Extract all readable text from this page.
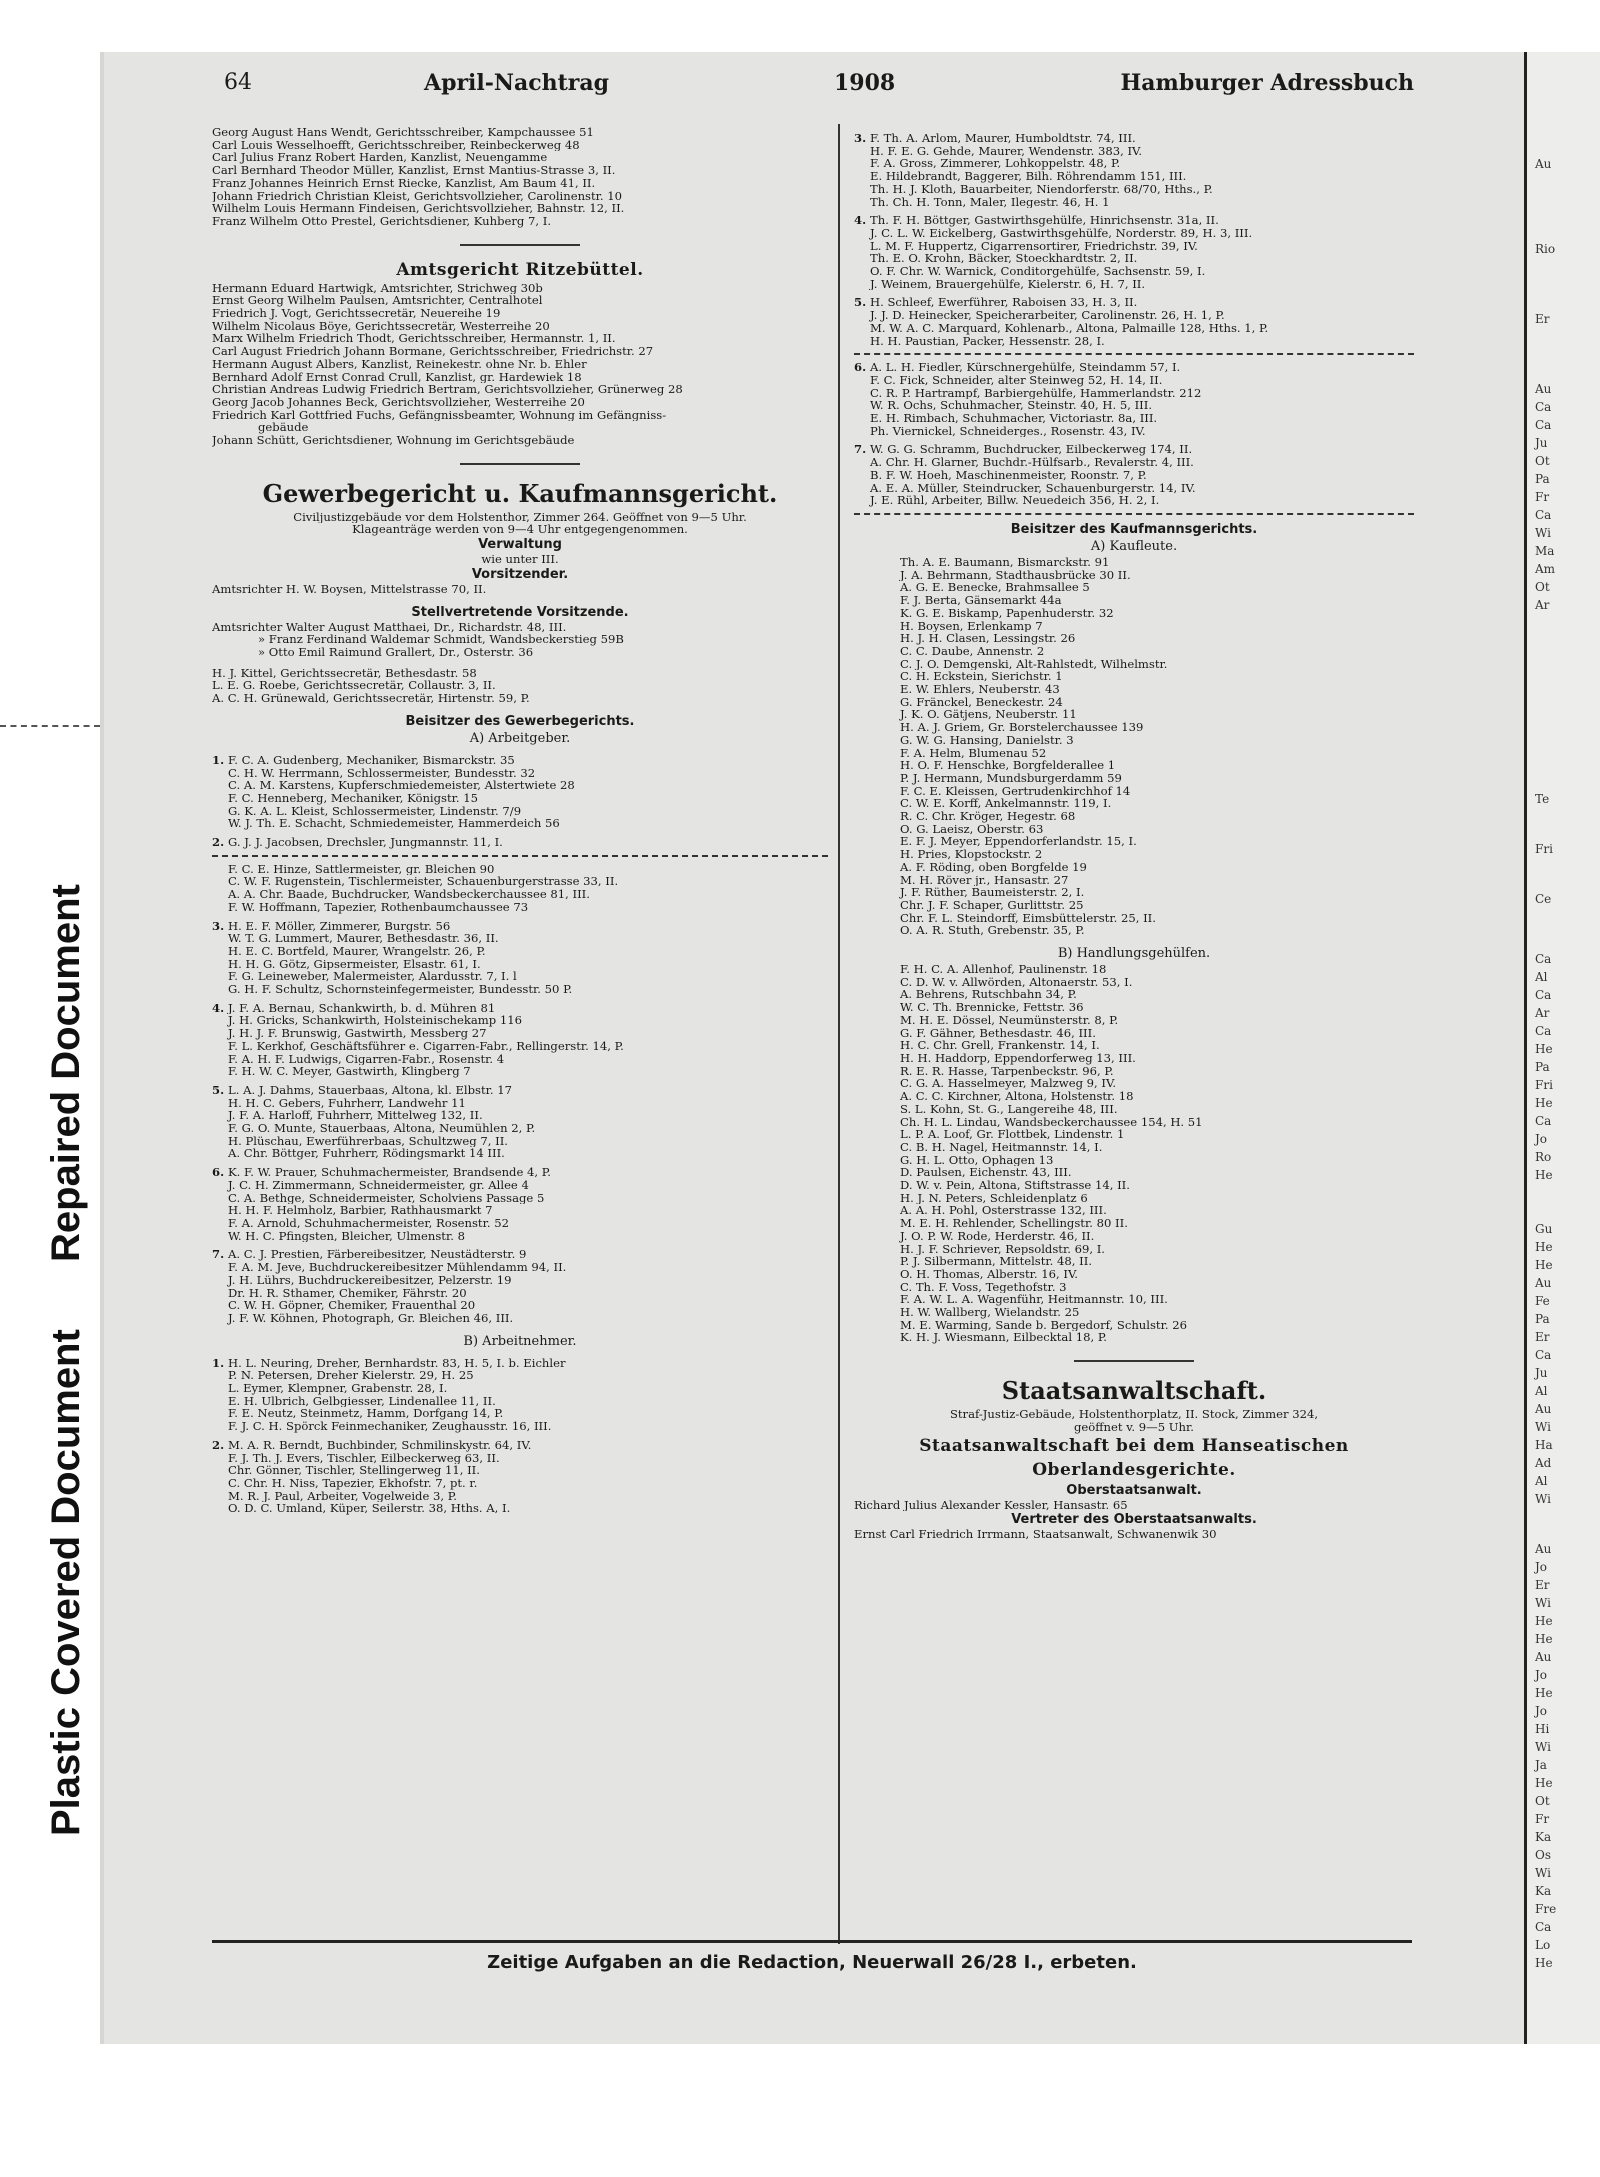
Repaired Document
Plastic Covered Document
64	April-Nachtrag	1908	Hamburger Adressbuch
Georg August Hans Wendt, Gerichtsschreiber, Kampchaussee 51
Carl Louis Wesselhoefft, Gerichtsschreiber, Reinbeckerweg 48
Carl Julius Franz Robert Harden, Kanzlist, Neuengamme
Carl Bernhard Theodor Müller, Kanzlist, Ernst Mantius-Strasse 3, II.
Franz Johannes Heinrich Ernst Riecke, Kanzlist, Am Baum 41, II.
Johann Friedrich Christian Kleist, Gerichtsvollzieher, Carolinenstr. 10
Wilhelm Louis Hermann Findeisen, Gerichtsvollzieher, Bahnstr. 12, II.
Franz Wilhelm Otto Prestel, Gerichtsdiener, Kuhberg 7, I.
Amtsgericht Ritzebüttel.
Hermann Eduard Hartwigk, Amtsrichter, Strichweg 30b
Ernst Georg Wilhelm Paulsen, Amtsrichter, Centralhotel
Friedrich J. Vogt, Gerichtssecretär, Neuereihe 19
Wilhelm Nicolaus Böye, Gerichtssecretär, Westerreihe 20
Marx Wilhelm Friedrich Thodt, Gerichtsschreiber, Hermannstr. 1, II.
Carl August Friedrich Johann Bormane, Gerichtsschreiber, Friedrichstr. 27
Hermann August Albers, Kanzlist, Reinekestr. ohne Nr. b. Ehler
Bernhard Adolf Ernst Conrad Crull, Kanzlist, gr. Hardewiek 18
Christian Andreas Ludwig Friedrich Bertram, Gerichtsvollzieher, Grünerweg 28
Georg Jacob Johannes Beck, Gerichtsvollzieher, Westerreihe 20
Friedrich Karl Gottfried Fuchs, Gefängnissbeamter, Wohnung im Gefängniss-
gebäude
Johann Schütt, Gerichtsdiener, Wohnung im Gerichtsgebäude
Gewerbegericht u. Kaufmannsgericht.
Civiljustizgebäude vor dem Holstenthor, Zimmer 264. Geöffnet von 9—5 Uhr.
Klageanträge werden von 9—4 Uhr entgegengenommen.
Verwaltung
wie unter III.
Vorsitzender.
Amtsrichter H. W. Boysen, Mittelstrasse 70, II.
Stellvertretende Vorsitzende.
Amtsrichter Walter August Matthaei, Dr., Richardstr. 48, III.
» Franz Ferdinand Waldemar Schmidt, Wandsbeckerstieg 59B
» Otto Emil Raimund Grallert, Dr., Osterstr. 36
H. J. Kittel, Gerichtssecretär, Bethesdastr. 58
L. E. G. Roebe, Gerichtssecretär, Collaustr. 3, II.
A. C. H. Grünewald, Gerichtssecretär, Hirtenstr. 59, P.
Beisitzer des Gewerbegerichts.
A) Arbeitgeber.
1. F. C. A. Gudenberg, Mechaniker, Bismarckstr. 35
C. H. W. Herrmann, Schlossermeister, Bundesstr. 32
C. A. M. Karstens, Kupferschmiedemeister, Alstertwiete 28
F. C. Henneberg, Mechaniker, Königstr. 15
G. K. A. L. Kleist, Schlossermeister, Lindenstr. 7/9
W. J. Th. E. Schacht, Schmiedemeister, Hammerdeich 56
2. G. J. J. Jacobsen, Drechsler, Jungmannstr. 11, I.
F. C. E. Hinze, Sattlermeister, gr. Bleichen 90
C. W. F. Rugenstein, Tischlermeister, Schauenburgerstrasse 33, II.
A. A. Chr. Baade, Buchdrucker, Wandsbeckerchaussee 81, III.
F. W. Hoffmann, Tapezier, Rothenbaumchaussee 73
3. H. E. F. Möller, Zimmerer, Burgstr. 56
W. T. G. Lummert, Maurer, Bethesdastr. 36, II.
H. E. C. Bortfeld, Maurer, Wrangelstr. 26, P.
H. H. G. Götz, Gipsermeister, Elsastr. 61, I.
F. G. Leineweber, Malermeister, Alardusstr. 7, I. l
G. H. F. Schultz, Schornsteinfegermeister, Bundesstr. 50 P.
4. J. F. A. Bernau, Schankwirth, b. d. Mühren 81
J. H. Gricks, Schankwirth, Holsteinischekamp 116
J. H. J. F. Brunswig, Gastwirth, Messberg 27
F. L. Kerkhof, Geschäftsführer e. Cigarren-Fabr., Rellingerstr. 14, P.
F. A. H. F. Ludwigs, Cigarren-Fabr., Rosenstr. 4
F. H. W. C. Meyer, Gastwirth, Klingberg 7
5. L. A. J. Dahms, Stauerbaas, Altona, kl. Elbstr. 17
H. H. C. Gebers, Fuhrherr, Landwehr 11
J. F. A. Harloff, Fuhrherr, Mittelweg 132, II.
F. G. O. Munte, Stauerbaas, Altona, Neumühlen 2, P.
H. Plüschau, Ewerführerbaas, Schultzweg 7, II.
A. Chr. Böttger, Fuhrherr, Rödingsmarkt 14 III.
6. K. F. W. Prauer, Schuhmachermeister, Brandsende 4, P.
J. C. H. Zimmermann, Schneidermeister, gr. Allee 4
C. A. Bethge, Schneidermeister, Scholviens Passage 5
H. H. F. Helmholz, Barbier, Rathhausmarkt 7
F. A. Arnold, Schuhmachermeister, Rosenstr. 52
W. H. C. Pfingsten, Bleicher, Ulmenstr. 8
7. A. C. J. Prestien, Färbereibesitzer, Neustädterstr. 9
F. A. M. Jeve, Buchdruckereibesitzer Mühlendamm 94, II.
J. H. Lührs, Buchdruckereibesitzer, Pelzerstr. 19
Dr. H. R. Sthamer, Chemiker, Fährstr. 20
C. W. H. Göpner, Chemiker, Frauenthal 20
J. F. W. Köhnen, Photograph, Gr. Bleichen 46, III.
B) Arbeitnehmer.
1. H. L. Neuring, Dreher, Bernhardstr. 83, H. 5, I. b. Eichler
P. N. Petersen, Dreher Kielerstr. 29, H. 25
L. Eymer, Klempner, Grabenstr. 28, I.
E. H. Ulbrich, Gelbgiesser, Lindenallee 11, II.
F. E. Neutz, Steinmetz, Hamm, Dorfgang 14, P.
F. J. C. H. Spörck Feinmechaniker, Zeughausstr. 16, III.
2. M. A. R. Berndt, Buchbinder, Schmilinskystr. 64, IV.
F. J. Th. J. Evers, Tischler, Eilbeckerweg 63, II.
Chr. Gönner, Tischler, Stellingerweg 11, II.
C. Chr. H. Niss, Tapezier, Ekhofstr. 7, pt. r.
M. R. J. Paul, Arbeiter, Vogelweide 3, P.
O. D. C. Umland, Küper, Seilerstr. 38, Hths. A, I.
3. F. Th. A. Arlom, Maurer, Humboldtstr. 74, III.
H. F. E. G. Gehde, Maurer, Wendenstr. 383, IV.
F. A. Gross, Zimmerer, Lohkoppelstr. 48, P.
E. Hildebrandt, Baggerer, Bilh. Röhrendamm 151, III.
Th. H. J. Kloth, Bauarbeiter, Niendorferstr. 68/70, Hths., P.
Th. Ch. H. Tonn, Maler, Ilegestr. 46, H. 1
4. Th. F. H. Böttger, Gastwirthsgehülfe, Hinrichsenstr. 31a, II.
J. C. L. W. Eickelberg, Gastwirthsgehülfe, Norderstr. 89, H. 3, III.
L. M. F. Huppertz, Cigarrensortirer, Friedrichstr. 39, IV.
Th. E. O. Krohn, Bäcker, Stoeckhardtstr. 2, II.
O. F. Chr. W. Warnick, Conditorgehülfe, Sachsenstr. 59, I.
J. Weinem, Brauergehülfe, Kielerstr. 6, H. 7, II.
5. H. Schleef, Ewerführer, Raboisen 33, H. 3, II.
J. J. D. Heinecker, Speicherarbeiter, Carolinenstr. 26, H. 1, P.
M. W. A. C. Marquard, Kohlenarb., Altona, Palmaille 128, Hths. 1, P.
H. H. Paustian, Packer, Hessenstr. 28, I.
6. A. L. H. Fiedler, Kürschnergehülfe, Steindamm 57, I.
F. C. Fick, Schneider, alter Steinweg 52, H. 14, II.
C. R. P. Hartrampf, Barbiergehülfe, Hammerlandstr. 212
W. R. Ochs, Schuhmacher, Steinstr. 40, H. 5, III.
E. H. Rimbach, Schuhmacher, Victoriastr. 8a, III.
Ph. Viernickel, Schneiderges., Rosenstr. 43, IV.
7. W. G. G. Schramm, Buchdrucker, Eilbeckerweg 174, II.
A. Chr. H. Glarner, Buchdr.-Hülfsarb., Revalerstr. 4, III.
B. F. W. Hoeh, Maschinenmeister, Roonstr. 7, P.
A. E. A. Müller, Steindrucker, Schauenburgerstr. 14, IV.
J. E. Rühl, Arbeiter, Billw. Neuedeich 356, H. 2, I.
Beisitzer des Kaufmannsgerichts.
A) Kaufleute.
Th. A. E. Baumann, Bismarckstr. 91
J. A. Behrmann, Stadthausbrücke 30 II.
A. G. E. Benecke, Brahmsallee 5
F. J. Berta, Gänsemarkt 44a
K. G. E. Biskamp, Papenhuderstr. 32
H. Boysen, Erlenkamp 7
H. J. H. Clasen, Lessingstr. 26
C. C. Daube, Annenstr. 2
C. J. O. Demgenski, Alt-Rahlstedt, Wilhelmstr.
C. H. Eckstein, Sierichstr. 1
E. W. Ehlers, Neuberstr. 43
G. Fränckel, Beneckestr. 24
J. K. O. Gätjens, Neuberstr. 11
H. A. J. Griem, Gr. Borstelerchaussee 139
G. W. G. Hansing, Danielstr. 3
F. A. Helm, Blumenau 52
H. O. F. Henschke, Borgfelderallee 1
P. J. Hermann, Mundsburgerdamm 59
F. C. E. Kleissen, Gertrudenkirchhof 14
C. W. E. Korff, Ankelmannstr. 119, I.
R. C. Chr. Kröger, Hegestr. 68
O. G. Laeisz, Oberstr. 63
E. F. J. Meyer, Eppendorferlandstr. 15, I.
H. Pries, Klopstockstr. 2
A. F. Röding, oben Borgfelde 19
M. H. Röver jr., Hansastr. 27
J. F. Rüther, Baumeisterstr. 2, I.
Chr. J. F. Schaper, Gurlittstr. 25
Chr. F. L. Steindorff, Eimsbüttelerstr. 25, II.
O. A. R. Stuth, Grebenstr. 35, P.
B) Handlungsgehülfen.
F. H. C. A. Allenhof, Paulinenstr. 18
C. D. W. v. Allwörden, Altonaerstr. 53, I.
A. Behrens, Rutschbahn 34, P.
W. C. Th. Brennicke, Fettstr. 36
M. H. E. Dössel, Neumünsterstr. 8, P.
G. F. Gähner, Bethesdastr. 46, III.
H. C. Chr. Grell, Frankenstr. 14, I.
H. H. Haddorp, Eppendorferweg 13, III.
R. E. R. Hasse, Tarpenbeckstr. 96, P.
C. G. A. Hasselmeyer, Malzweg 9, IV.
A. C. C. Kirchner, Altona, Holstenstr. 18
S. L. Kohn, St. G., Langereihe 48, III.
Ch. H. L. Lindau, Wandsbeckerchaussee 154, H. 51
L. P. A. Loof, Gr. Flottbek, Lindenstr. 1
C. B. H. Nagel, Heitmannstr. 14, I.
G. H. L. Otto, Ophagen 13
D. Paulsen, Eichenstr. 43, III.
D. W. v. Pein, Altona, Stiftstrasse 14, II.
H. J. N. Peters, Schleidenplatz 6
A. A. H. Pohl, Osterstrasse 132, III.
M. E. H. Rehlender, Schellingstr. 80 II.
J. O. P. W. Rode, Herderstr. 46, II.
H. J. F. Schriever, Repsoldstr. 69, I.
P. J. Silbermann, Mittelstr. 48, II.
O. H. Thomas, Alberstr. 16, IV.
C. Th. F. Voss, Tegethofstr. 3
F. A. W. L. A. Wagenführ, Heitmannstr. 10, III.
H. W. Wallberg, Wielandstr. 25
M. E. Warming, Sande b. Bergedorf, Schulstr. 26
K. H. J. Wiesmann, Eilbecktal 18, P.
Staatsanwaltschaft.
Straf-Justiz-Gebäude, Holstenthorplatz, II. Stock, Zimmer 324,
geöffnet v. 9—5 Uhr.
Staatsanwaltschaft bei dem Hanseatischen
Oberlandesgerichte.
Oberstaatsanwalt.
Richard Julius Alexander Kessler, Hansastr. 65
Vertreter des Oberstaatsanwalts.
Ernst Carl Friedrich Irrmann, Staatsanwalt, Schwanenwik 30
Zeitige Aufgaben an die Redaction, Neuerwall 26/28 I., erbeten.
Au
Rio
Er
Au
Ca
Ca
Ju
Ot
Pa
Fr
Ca
Wi
Ma
Am
Ot
Ar
Te
Fri
Ce
Ca
Al
Ca
Ar
Ca
He
Pa
Fri
He
Ca
Jo
Ro
He
Gu
He
He
Au
Fe
Pa
Er
Ca
Ju
Al
Au
Wi
Ha
Ad
Al
Wi
Au
Jo
Er
Wi
He
He
Au
Jo
He
Jo
Hi
Wi
Ja
He
Ot
Fr
Ka
Os
Wi
Ka
Fre
Ca
Lo
He
